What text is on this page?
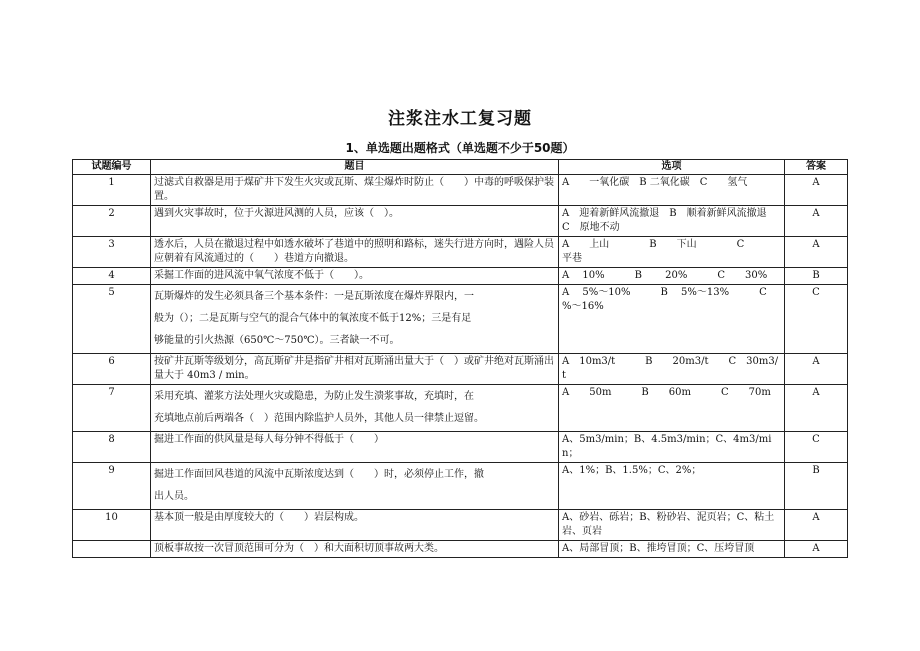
注浆注水工复习题
1、单选题出题格式（单选题不少于50题）
试题编号	题目	选项	答案
1	过滤式自救器是用于煤矿井下发生火灾或瓦斯、煤尘爆炸时防止（　　）中毒的呼吸保护装置。	A　　一氧化碳　B 二氧化碳　C　　氢气	A
2	遇到火灾事故时，位于火源进风测的人员，应该（　）。	A　迎着新鲜风流撤退　B　顺着新鲜风流撤退　C　原地不动	A
3	透水后，人员在撤退过程中如透水破坏了巷道中的照明和路标，迷失行进方向时，遇险人员应朝着有风流通过的（　　）巷道方向撤退。	A　　上山　　　　B　　下山　　　　C　　　平巷	A
4	采掘工作面的进风流中氧气浓度不低于（　　）。	A　 10%　　　B　　 20%　　　C　　30%	B
5	瓦斯爆炸的发生必须具备三个基本条件：一是瓦斯浓度在爆炸界限内，一
般为（）；二是瓦斯与空气的混合气体中的氧浓度不低于12%；三是有足
够能量的引火热源（650℃～750℃）。三者缺一不可。	A　 5%～10%　　　B　 5%～13%　　　C　%～16%	C
6	按矿井瓦斯等级划分，高瓦斯矿井是指矿井相对瓦斯涌出量大于（　）或矿井绝对瓦斯涌出量大于 40m3 / min。	A　10m3/t　　　B　　20m3/t　　C　30m3/t	A
7	采用充填、灌浆方法处理火灾或隐患，为防止发生溃浆事故，充填时，在
充填地点前后两端各（　）范围内除监护人员外，其他人员一律禁止逗留。	A　　50m　　　B　　60m　　　C　　70m	A
8	掘进工作面的供风量是每人每分钟不得低于（　　）	A、5m3/min；B、4.5m3/min；C、4m3/min；	C
9	掘进工作面回风巷道的风流中瓦斯浓度达到（　　）时，必须停止工作，撤
出人员。	A、1%；B、1.5%；C、2%；	B
10	基本顶一般是由厚度较大的（　　）岩层构成。	A、砂岩、砾岩；B、粉砂岩、泥页岩；C、粘土岩、页岩	A

	顶板事故按一次冒顶范围可分为（　）和大面积切顶事故两大类。	A、局部冒顶；B、推垮冒顶；C、压垮冒顶	A
